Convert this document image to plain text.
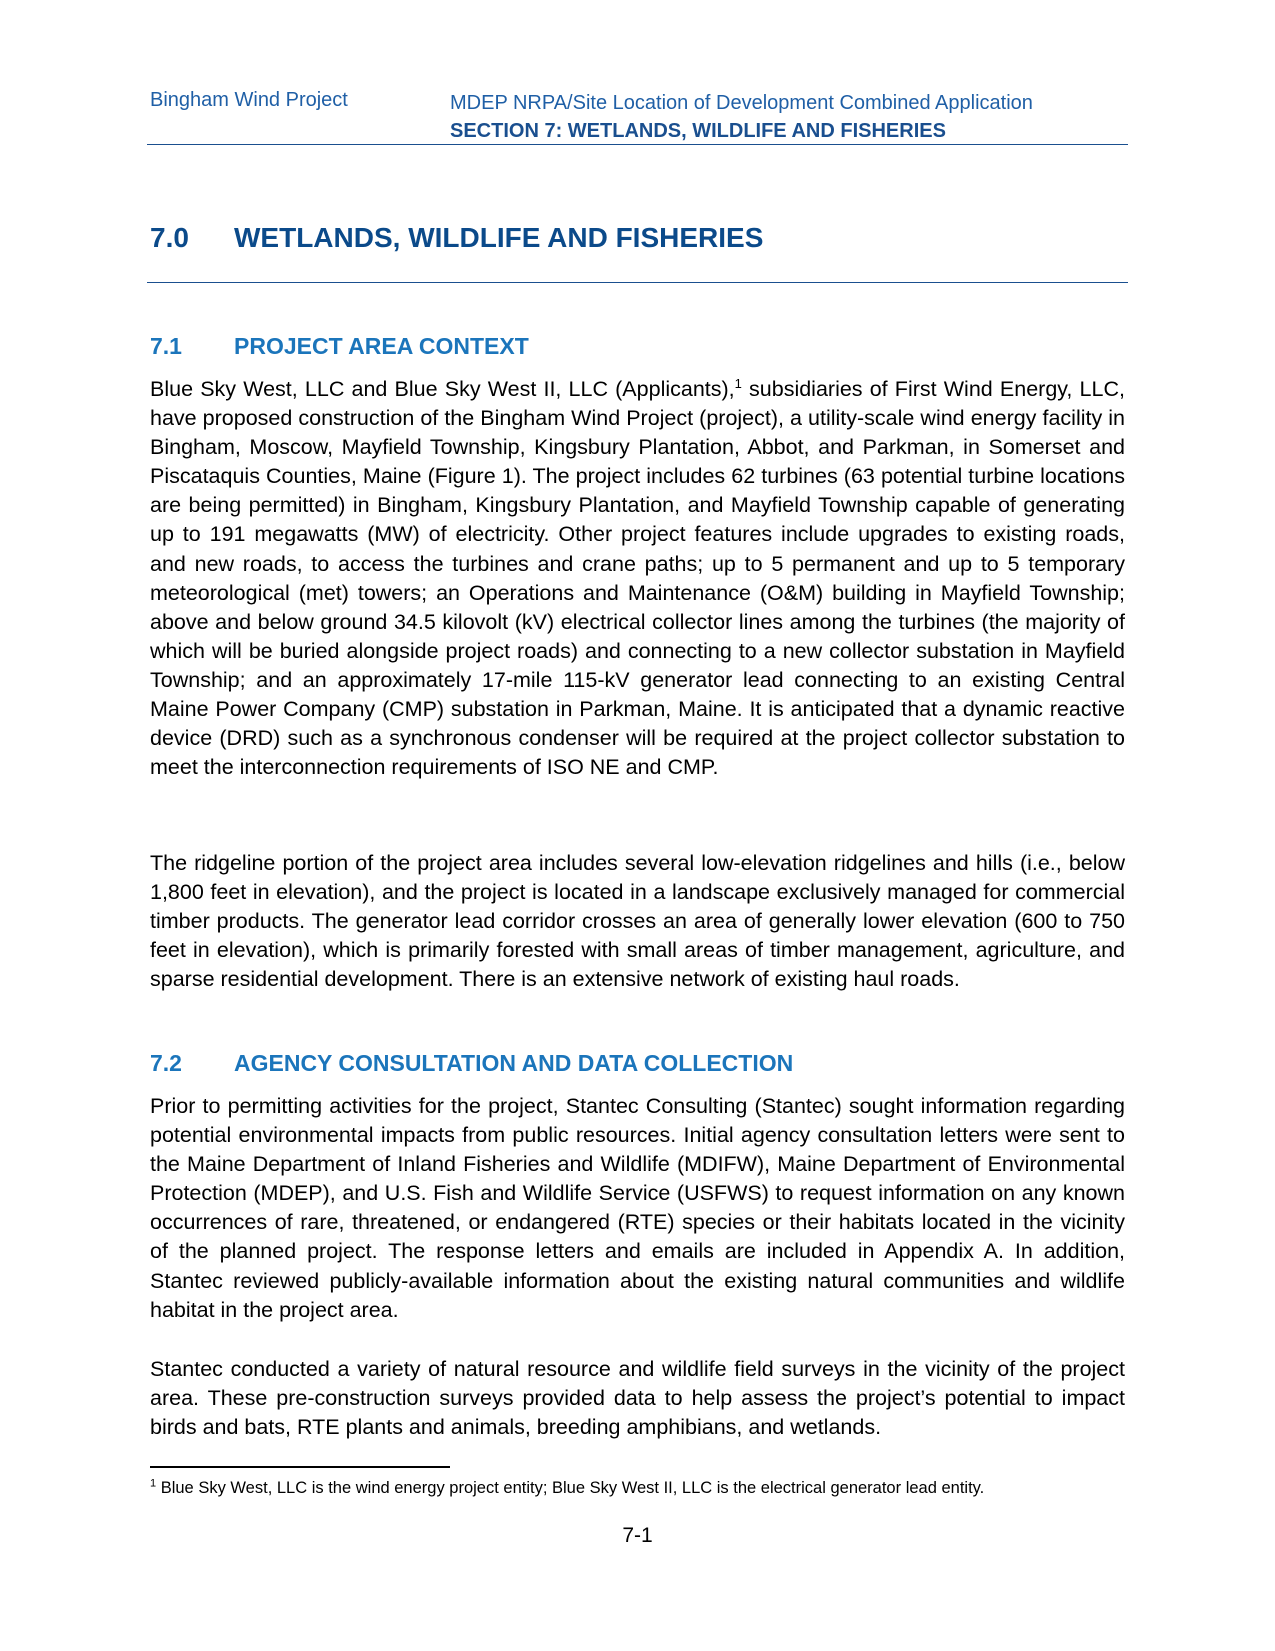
Bingham Wind Project	MDEP NRPA/Site Location of Development Combined Application
SECTION 7: WETLANDS, WILDLIFE AND FISHERIES
7.0 WETLANDS, WILDLIFE AND FISHERIES
7.1 PROJECT AREA CONTEXT

Blue Sky West, LLC and Blue Sky West II, LLC (Applicants),$^1$ subsidiaries of First Wind Energy, LLC, have proposed construction of the Bingham Wind Project (project), a utility-scale wind energy facility in Bingham, Moscow, Mayfield Township, Kingsbury Plantation, Abbot, and Parkman, in Somerset and Piscataquis Counties, Maine (Figure 1). The project includes 62 turbines (63 potential turbine locations are being permitted) in Bingham, Kingsbury Plantation, and Mayfield Township capable of generating up to 191 megawatts (MW) of electricity. Other project features include upgrades to existing roads, and new roads, to access the turbines and crane paths; up to 5 permanent and up to 5 temporary meteorological (met) towers; an Operations and Maintenance (O&M) building in Mayfield Township; above and below ground 34.5 kilovolt (kV) electrical collector lines among the turbines (the majority of which will be buried alongside project roads) and connecting to a new collector substation in Mayfield Township; and an approximately 17-mile 115-kV generator lead connecting to an existing Central Maine Power Company (CMP) substation in Parkman, Maine. It is anticipated that a dynamic reactive device (DRD) such as a synchronous condenser will be required at the project collector substation to meet the interconnection requirements of ISO NE and CMP.

The ridgeline portion of the project area includes several low-elevation ridgelines and hills (i.e., below 1,800 feet in elevation), and the project is located in a landscape exclusively managed for commercial timber products. The generator lead corridor crosses an area of generally lower elevation (600 to 750 feet in elevation), which is primarily forested with small areas of timber management, agriculture, and sparse residential development. There is an extensive network of existing haul roads.

7.2 AGENCY CONSULTATION AND DATA COLLECTION

Prior to permitting activities for the project, Stantec Consulting (Stantec) sought information regarding potential environmental impacts from public resources. Initial agency consultation letters were sent to the Maine Department of Inland Fisheries and Wildlife (MDIFW), Maine Department of Environmental Protection (MDEP), and U.S. Fish and Wildlife Service (USFWS) to request information on any known occurrences of rare, threatened, or endangered (RTE) species or their habitats located in the vicinity of the planned project. The response letters and emails are included in Appendix A. In addition, Stantec reviewed publicly-available information about the existing natural communities and wildlife habitat in the project area.

Stantec conducted a variety of natural resource and wildlife field surveys in the vicinity of the project area. These pre-construction surveys provided data to help assess the project’s potential to impact birds and bats, RTE plants and animals, breeding amphibians, and wetlands.

$^1$ Blue Sky West, LLC is the wind energy project entity; Blue Sky West II, LLC is the electrical generator lead entity.
7-1
